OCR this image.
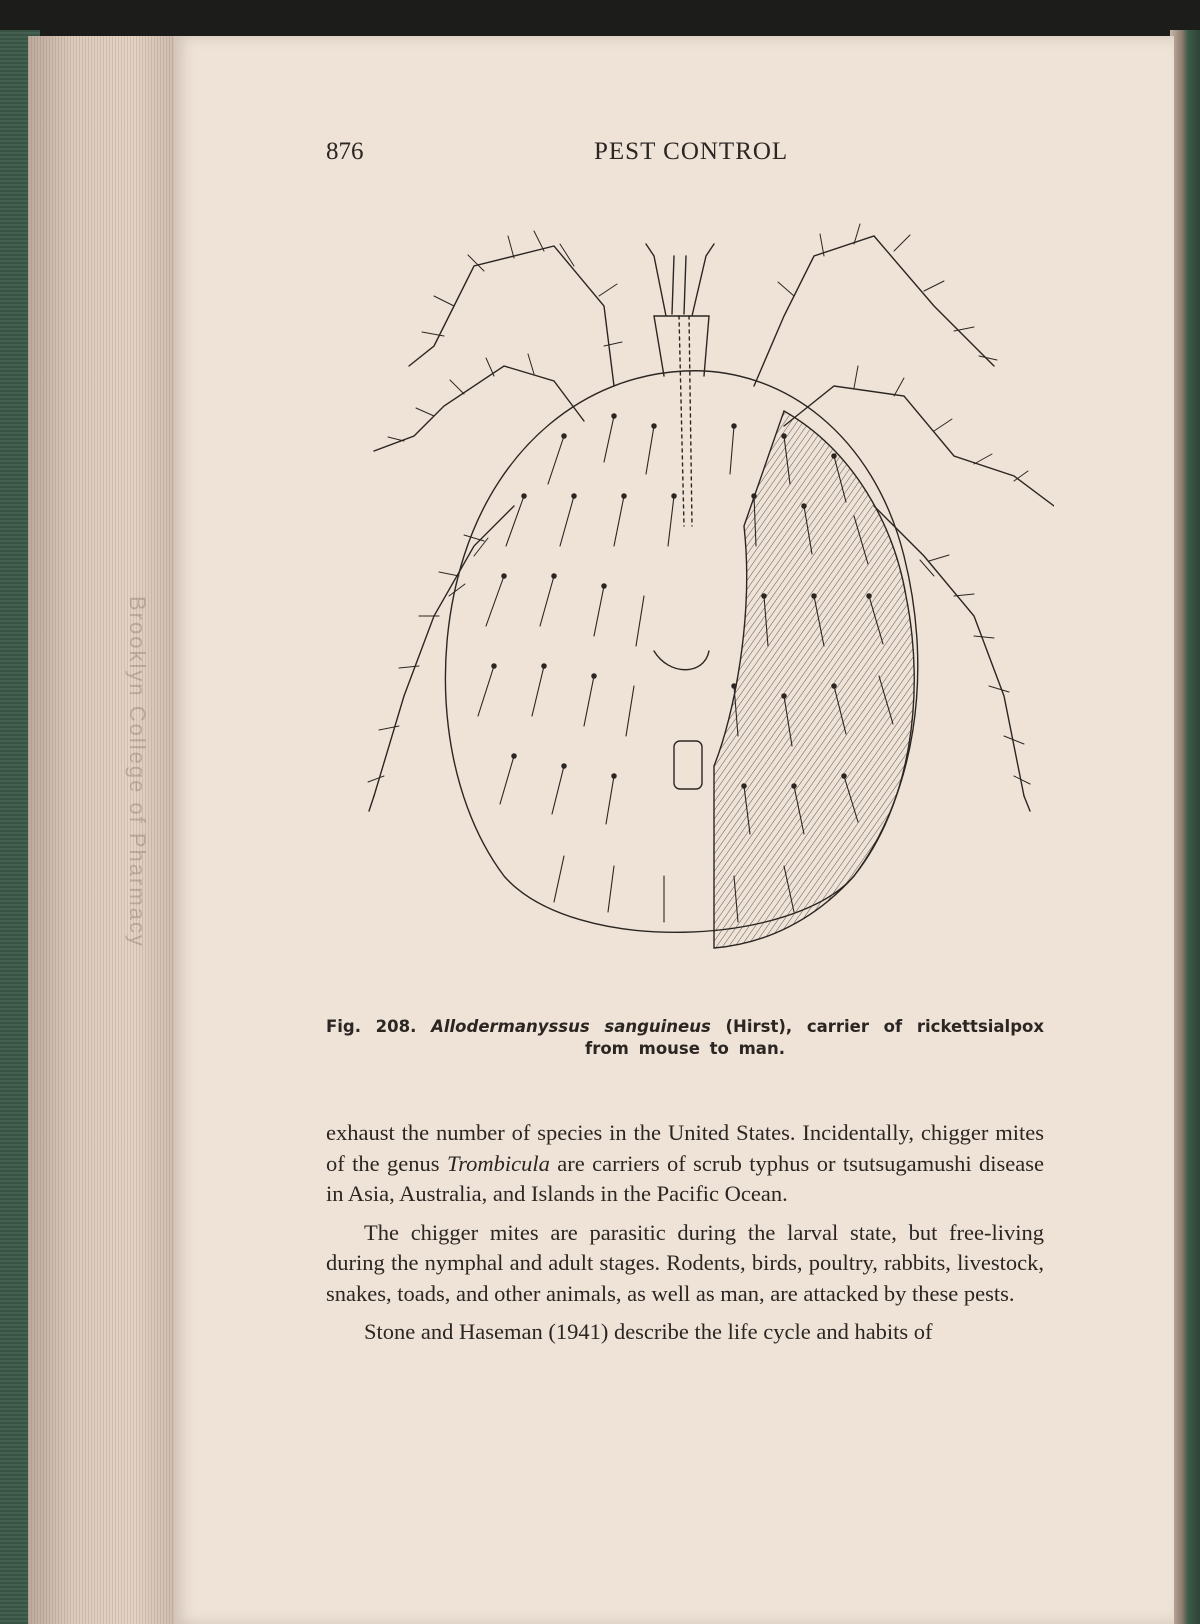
Brooklyn College of Pharmacy
876	PEST CONTROL
Fig. 208. Allodermanyssus sanguineus (Hirst), carrier of rickettsialpox from mouse to man.

exhaust the number of species in the United States. Incidentally, chigger mites of the genus Trombicula are carriers of scrub typhus or tsutsugamushi disease in Asia, Australia, and Islands in the Pacific Ocean.

The chigger mites are parasitic during the larval state, but free-living during the nymphal and adult stages. Rodents, birds, poultry, rabbits, livestock, snakes, toads, and other animals, as well as man, are attacked by these pests.

Stone and Haseman (1941) describe the life cycle and habits of
